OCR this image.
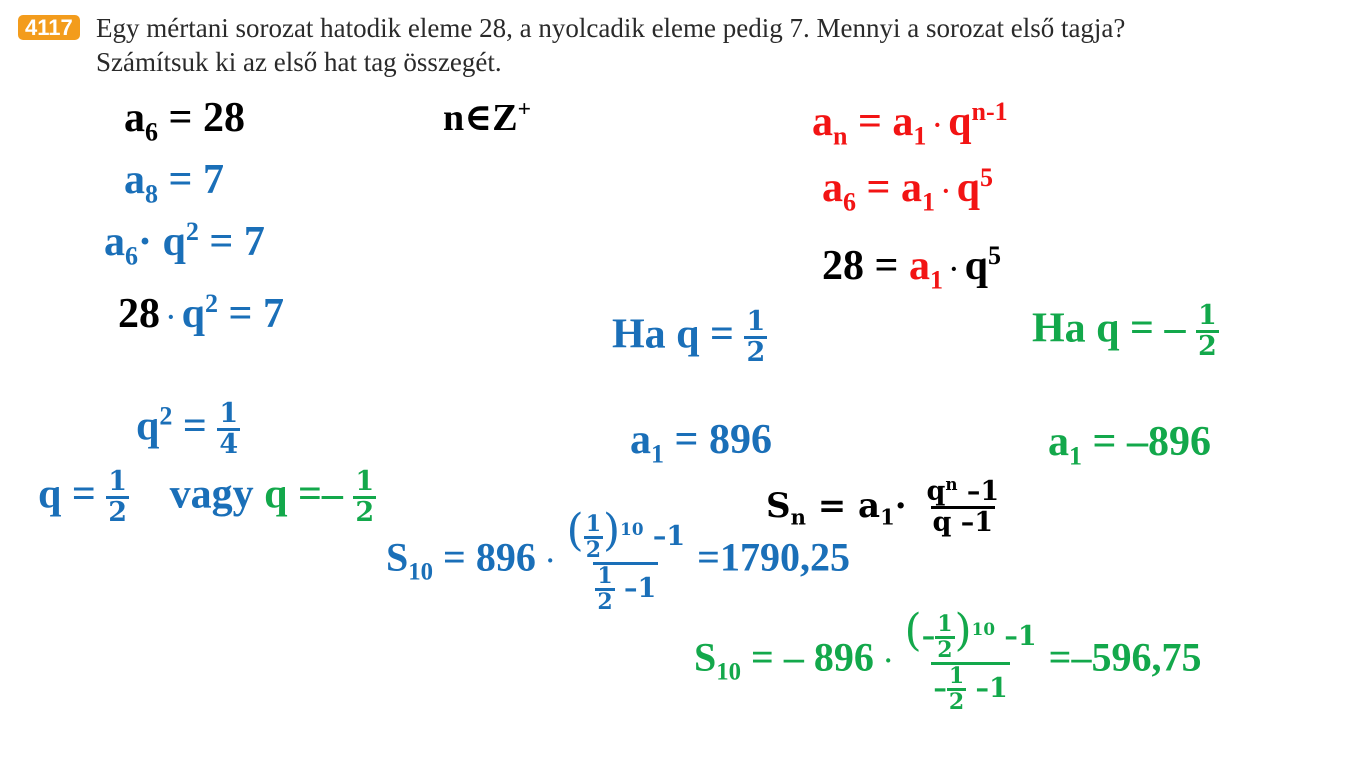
4117 Egy mértani sorozat hatodik eleme 28, a nyolcadik eleme pedig 7. Mennyi a sorozat első tagja?
Számítsuk ki az első hat tag összegét.
$a_6 = 28$	n∈Z+
$a_8 = 7$
$a_6\cdot q^2 = 7$
$28 \cdot q^2 = 7$
$q^2 = \frac{1}{4}$
$q = \frac{1}{2}$ vagy $q =- \frac{1}{2}$
$a_n = a_1 \cdot q^{n-1}$
$a_6 = a_1 \cdot q^5$
$28 = a_1 \cdot q^5$
Ha $q = \frac{1}{2}$
$a_1 = 896$
Ha q = – $\frac{1}{2}$
$a_1 = -896$
$S_n = a_1\cdot \frac{q^n -1}{q -1}$
$S_{10} = 896 \cdot \frac{( \frac{1}{2} )^{10} -1}{\frac{1}{2} -1} =1790,25$
$S_{10}$ = – $896 \cdot \frac{(- \frac{1}{2} )^{10} -1}{- \frac{1}{2} -1} =-596,75$
